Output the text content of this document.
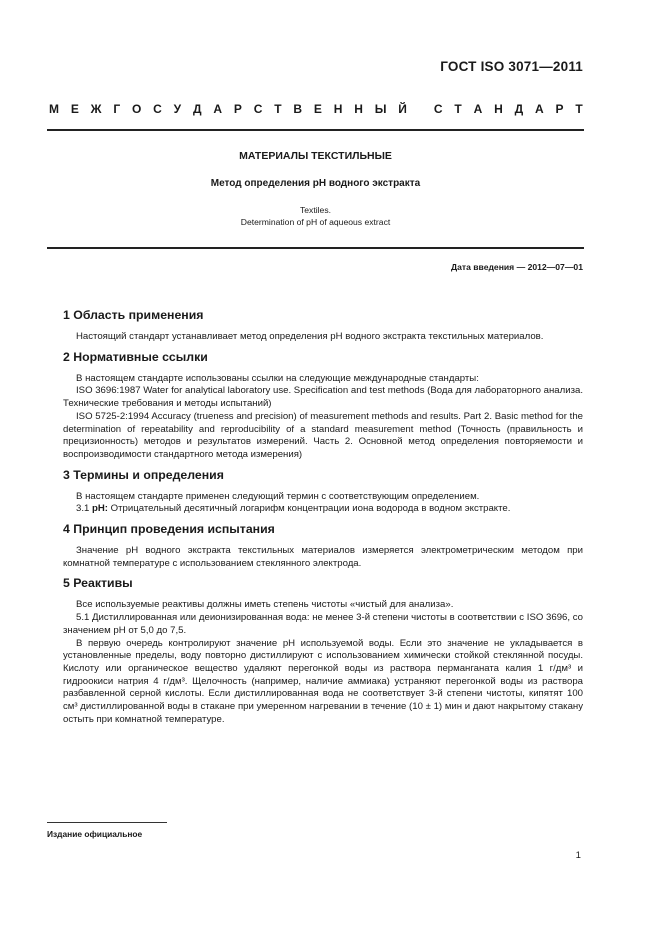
ГОСТ ISO 3071—2011
М Е Ж Г О С У Д А Р С Т В Е Н Н Ы Й
С Т А Н Д А Р Т
МАТЕРИАЛЫ ТЕКСТИЛЬНЫЕ
Метод определения pH водного экстракта
Textiles.
Determination of pH of aqueous extract
Дата введения — 2012—07—01
1 Область применения

Настоящий стандарт устанавливает метод определения pH водного экстракта текстильных материалов.

2 Нормативные ссылки

В настоящем стандарте использованы ссылки на следующие международные стандарты:

ISO 3696:1987 Water for analytical laboratory use. Specification and test methods (Вода для лабораторного анализа. Технические требования и методы испытаний)

ISO 5725-2:1994 Accuracy (trueness and precision) of measurement methods and results. Part 2. Basic method for the determination of repeatability and reproducibility of a standard measurement method (Точность (правильность и прецизионность) методов и результатов измерений. Часть 2. Основной метод определения повторяемости и воспроизводимости стандартного метода измерения)

3 Термины и определения

В настоящем стандарте применен следующий термин с соответствующим определением.

3.1 pH: Отрицательный десятичный логарифм концентрации иона водорода в водном экстракте.

4 Принцип проведения испытания

Значение pH водного экстракта текстильных материалов измеряется электрометрическим методом при комнатной температуре с использованием стеклянного электрода.

5 Реактивы

Все используемые реактивы должны иметь степень чистоты «чистый для анализа».

5.1 Дистиллированная или деионизированная вода: не менее 3-й степени чистоты в соответствии с ISO 3696, со значением pH от 5,0 до 7,5.

В первую очередь контролируют значение pH используемой воды. Если это значение не укладывается в установленные пределы, воду повторно дистиллируют с использованием химически стойкой стеклянной посуды. Кислоту или органическое вещество удаляют перегонкой воды из раствора перманганата калия 1 г/дм³ и гидроокиси натрия 4 г/дм³. Щелочность (например, наличие аммиака) устраняют перегонкой воды из раствора разбавленной серной кислоты. Если дистиллированная вода не соответствует 3-й степени чистоты, кипятят 100 см³ дистиллированной воды в стакане при умеренном нагревании в течение (10 ± 1) мин и дают накрытому стакану остыть при комнатной температуре.

Издание официальное
1
